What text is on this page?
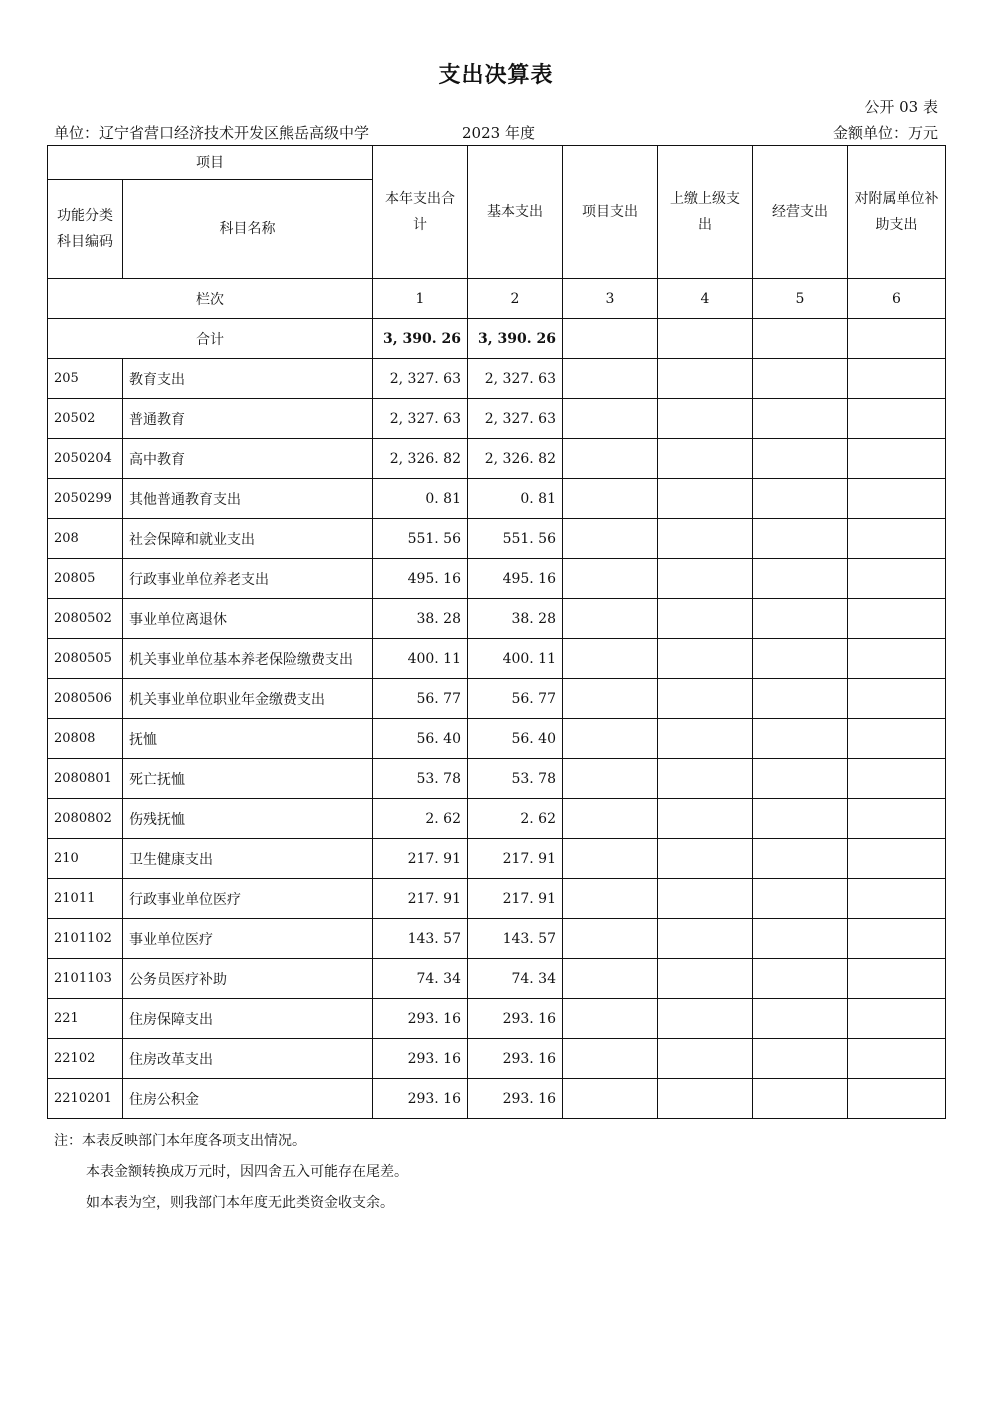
支出决算表
公开 03 表
单位：辽宁省营口经济技术开发区熊岳高级中学	2023 年度	金额单位：万元
项目		本年支出合计	基本支出	项目支出	上缴上级支出	经营支出	对附属单位补助支出
功能分类科目编码	科目名称						
栏次		1	2	3	4	5	6
合计		3, 390. 26	3, 390. 26				
205	教育支出	2, 327. 63	2, 327. 63				
20502	普通教育	2, 327. 63	2, 327. 63				
2050204	高中教育	2, 326. 82	2, 326. 82				
2050299	其他普通教育支出	0. 81	0. 81				
208	社会保障和就业支出	551. 56	551. 56				
20805	行政事业单位养老支出	495. 16	495. 16				
2080502	事业单位离退休	38. 28	38. 28				
2080505	机关事业单位基本养老保险缴费支出	400. 11	400. 11				
2080506	机关事业单位职业年金缴费支出	56. 77	56. 77				
20808	抚恤	56. 40	56. 40				
2080801	死亡抚恤	53. 78	53. 78				
2080802	伤残抚恤	2. 62	2. 62				
210	卫生健康支出	217. 91	217. 91				
21011	行政事业单位医疗	217. 91	217. 91				
2101102	事业单位医疗	143. 57	143. 57				
2101103	公务员医疗补助	74. 34	74. 34				
221	住房保障支出	293. 16	293. 16				
22102	住房改革支出	293. 16	293. 16				
2210201	住房公积金	293. 16	293. 16				
注：本表反映部门本年度各项支出情况。
本表金额转换成万元时，因四舍五入可能存在尾差。
如本表为空，则我部门本年度无此类资金收支余。
